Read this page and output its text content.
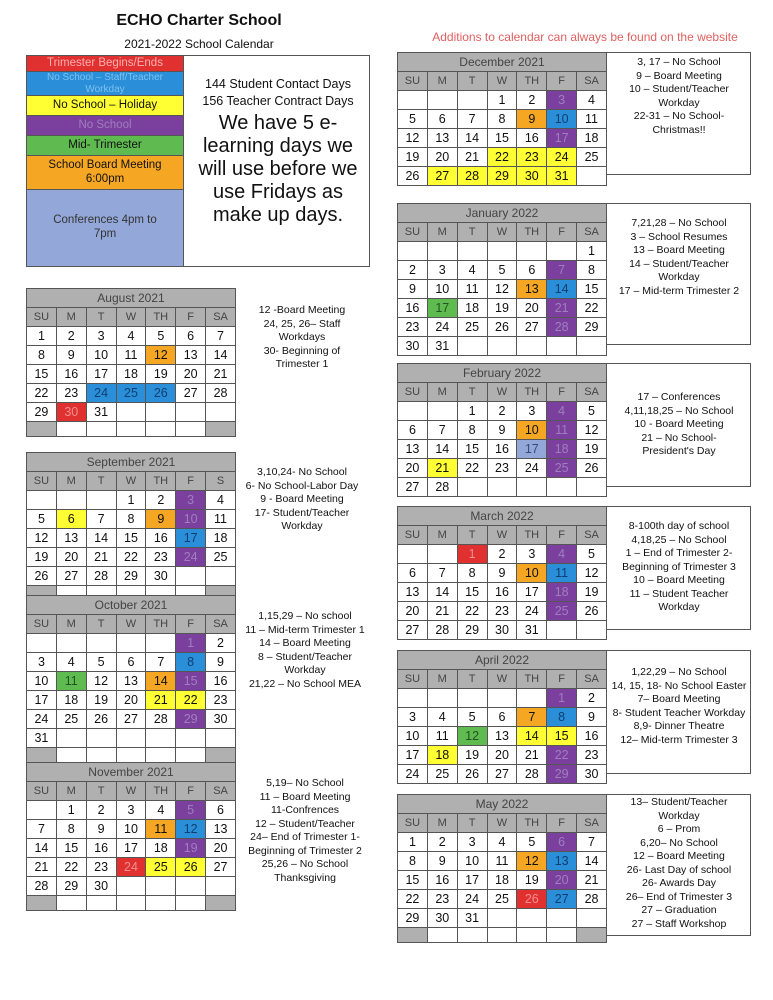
ECHO Charter School
2021-2022 School Calendar	Additions to calendar can always be found on the website
Trimester Begins/Ends
No School – Staff/Teacher Workday
No School – Holiday
No School
Mid- Trimester
School Board Meeting 6:00pm
Conferences 4pm to 7pm
144 Student Contact Days
156 Teacher Contract Days
We have 5 e-learning days we will use before we use Fridays as make up days.
August 2021						
SU	M	T	W	TH	F	SA
1	2	3	4	5	6	7
8	9	10	11	12	13	14
15	16	17	18	19	20	21
22	23	24	25	26	27	28
29	30	31				

12 -Board Meeting
24, 25, 26– Staff Workdays
30- Beginning of Trimester 1
September 2021						
SU	M	T	W	TH	F	S
			1	2	3	4
5	6	7	8	9	10	11
12	13	14	15	16	17	18
19	20	21	22	23	24	25
26	27	28	29	30		

3,10,24- No School
6- No School-Labor Day
9 - Board Meeting
17- Student/Teacher Workday
October 2021						
SU	M	T	W	TH	F	SA
					1	2
3	4	5	6	7	8	9
10	11	12	13	14	15	16
17	18	19	20	21	22	23
24	25	26	27	28	29	30
31						

1,15,29 – No school
11 – Mid-term Trimester 1
14 – Board Meeting
8 – Student/Teacher Workday
21,22 – No School MEA
November 2021						
SU	M	T	W	TH	F	SA
	1	2	3	4	5	6
7	8	9	10	11	12	13
14	15	16	17	18	19	20
21	22	23	24	25	26	27
28	29	30				

5,19– No School
11 – Board Meeting
11-Confrences
12 – Student/Teacher
24– End of Trimester 1-
Beginning of Trimester 2
25,26 – No School
Thanksgiving
December 2021						
SU	M	T	W	TH	F	SA
			1	2	3	4
5	6	7	8	9	10	11
12	13	14	15	16	17	18
19	20	21	22	23	24	25
26	27	28	29	30	31	
3, 17 – No School
9 – Board Meeting
10 – Student/Teacher Workday
22-31 – No School- Christmas!!
January 2022						
SU	M	T	W	TH	F	SA
						1
2	3	4	5	6	7	8
9	10	11	12	13	14	15
16	17	18	19	20	21	22
23	24	25	26	27	28	29
30	31					
7,21,28 – No School
3 – School Resumes
13 – Board Meeting
14 – Student/Teacher Workday
17 – Mid-term Trimester 2
February 2022						
SU	M	T	W	TH	F	SA
		1	2	3	4	5
6	7	8	9	10	11	12
13	14	15	16	17	18	19
20	21	22	23	24	25	26
27	28					
17 – Conferences
4,11,18,25 – No School
10 - Board Meeting
21 – No School-
President's Day
March 2022						
SU	M	T	W	TH	F	SA
		1	2	3	4	5
6	7	8	9	10	11	12
13	14	15	16	17	18	19
20	21	22	23	24	25	26
27	28	29	30	31		
8-100th day of school
4,18,25 – No School
1 – End of Trimester 2-
Beginning of Trimester 3
10 – Board Meeting
11 – Student Teacher Workday
April 2022						
SU	M	T	W	TH	F	SA
					1	2
3	4	5	6	7	8	9
10	11	12	13	14	15	16
17	18	19	20	21	22	23
24	25	26	27	28	29	30
1,22,29 – No School
14, 15, 18- No School Easter
7– Board Meeting
8- Student Teacher Workday
8,9- Dinner Theatre
12– Mid-term Trimester 3
May 2022						
SU	M	T	W	TH	F	SA
1	2	3	4	5	6	7
8	9	10	11	12	13	14
15	16	17	18	19	20	21
22	23	24	25	26	27	28
29	30	31				

13– Student/Teacher Workday
6 – Prom
6,20– No School
12 – Board Meeting
26- Last Day of school
26- Awards Day
26– End of Trimester 3
27 – Graduation
27 – Staff Workshop
